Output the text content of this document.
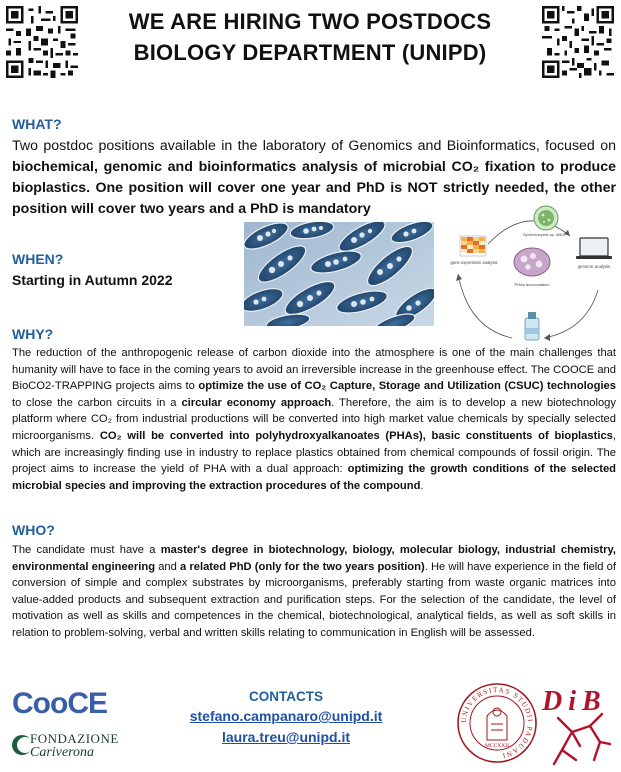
WE ARE HIRING TWO POSTDOCS
BIOLOGY DEPARTMENT (UNIPD)
WHAT?
Two postdoc positions available in the laboratory of Genomics and Bioinformatics, focused on biochemical, genomic and bioinformatics analysis of microbial CO₂ fixation to produce bioplastics. One position will cover one year and PhD is NOT strictly needed, the other position will cover two years and a PhD is mandatory
WHEN?
Starting in Autumn 2022
Synechocystis sp. 6803
gene expression analysis
genomic analysis
PHAs accumulation
WHY?
The reduction of the anthropogenic release of carbon dioxide into the atmosphere is one of the main challenges that humanity will have to face in the coming years to avoid an irreversible increase in the greenhouse effect. The COOCE and BioCO2-TRAPPING projects aims to optimize the use of CO₂ Capture, Storage and Utilization (CSUC) technologies to close the carbon circuits in a circular economy approach. Therefore, the aim is to develop a new biotechnology platform where CO₂ from industrial productions will be converted into high market value chemicals by specially selected microorganisms. CO₂ will be converted into polyhydroxyalkanoates (PHAs), basic constituents of bioplastics, which are increasingly finding use in industry to replace plastics obtained from chemical compounds of fossil origin. The project aims to increase the yield of PHA with a dual approach: optimizing the growth conditions of the selected microbial species and improving the extraction procedures of the compound.
WHO?
The candidate must have a master's degree in biotechnology, biology, molecular biology, industrial chemistry, environmental engineering and a related PhD (only for the two years position). He will have experience in the field of conversion of simple and complex substrates by microorganisms, preferably starting from waste organic matrices into value-added products and subsequent extraction and purification steps. For the selection of the candidate, the level of motivation as well as skills and competences in the chemical, biotechnological, analytical fields, as well as soft skills in relation to problem-solving, verbal and written skills relating to communication in English will be assessed.
CooCE
FONDAZIONE
Cariverona
CONTACTS
stefano.campanaro@unipd.it
laura.treu@unipd.it
UNIVERSITAS STUDII PADUANI
MCCXXII
DiB
